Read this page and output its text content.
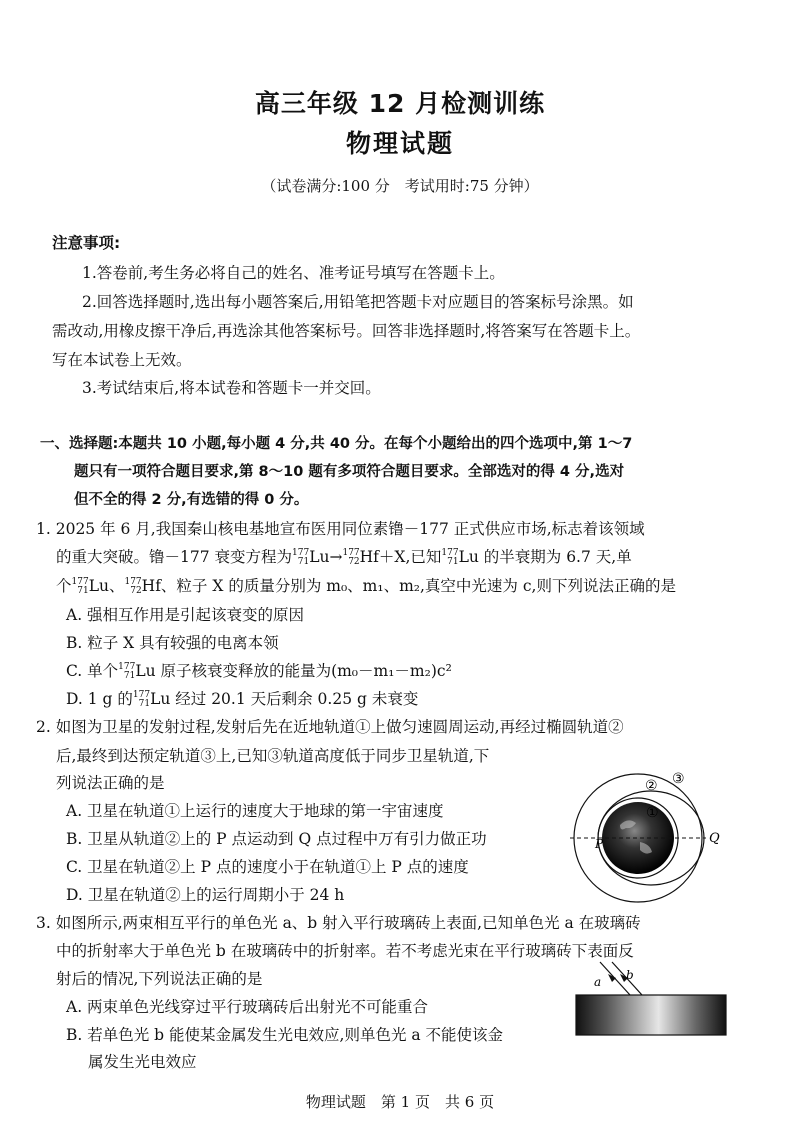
高三年级 12 月检测训练
物理试题
（试卷满分:100 分　考试用时:75 分钟）
注意事项:
1.答卷前,考生务必将自己的姓名、准考证号填写在答题卡上。
2.回答选择题时,选出每小题答案后,用铅笔把答题卡对应题目的答案标号涂黑。如
需改动,用橡皮擦干净后,再选涂其他答案标号。回答非选择题时,将答案写在答题卡上。
写在本试卷上无效。
3.考试结束后,将本试卷和答题卡一并交回。
一、选择题:本题共 10 小题,每小题 4 分,共 40 分。在每个小题给出的四个选项中,第 1～7
题只有一项符合题目要求,第 8～10 题有多项符合题目要求。全部选对的得 4 分,选对
但不全的得 2 分,有选错的得 0 分。
1. 2025 年 6 月,我国秦山核电基地宣布医用同位素镥－177 正式供应市场,标志着该领域
的重大突破。镥－177 衰变方程为177
71Lu→177
72Hf＋X,已知177
71Lu 的半衰期为 6.7 天,单
个177
71Lu、177
72Hf、粒子 X 的质量分别为 m₀、m₁、m₂,真空中光速为 c,则下列说法正确的是
A. 强相互作用是引起该衰变的原因
B. 粒子 X 具有较强的电离本领
C. 单个177
71Lu 原子核衰变释放的能量为(m₀－m₁－m₂)c²
D. 1 g 的177
71Lu 经过 20.1 天后剩余 0.25 g 未衰变
2. 如图为卫星的发射过程,发射后先在近地轨道①上做匀速圆周运动,再经过椭圆轨道②
后,最终到达预定轨道③上,已知③轨道高度低于同步卫星轨道,下
列说法正确的是
A. 卫星在轨道①上运行的速度大于地球的第一宇宙速度
B. 卫星从轨道②上的 P 点运动到 Q 点过程中万有引力做正功
C. 卫星在轨道②上 P 点的速度小于在轨道①上 P 点的速度
D. 卫星在轨道②上的运行周期小于 24 h
①
② ③
P	Q
3. 如图所示,两束相互平行的单色光 a、b 射入平行玻璃砖上表面,已知单色光 a 在玻璃砖
中的折射率大于单色光 b 在玻璃砖中的折射率。若不考虑光束在平行玻璃砖下表面反
射后的情况,下列说法正确的是
A. 两束单色光线穿过平行玻璃砖后出射光不可能重合
B. 若单色光 b 能使某金属发生光电效应,则单色光 a 不能使该金
属发生光电效应
a b
物理试题　第 1 页　共 6 页
